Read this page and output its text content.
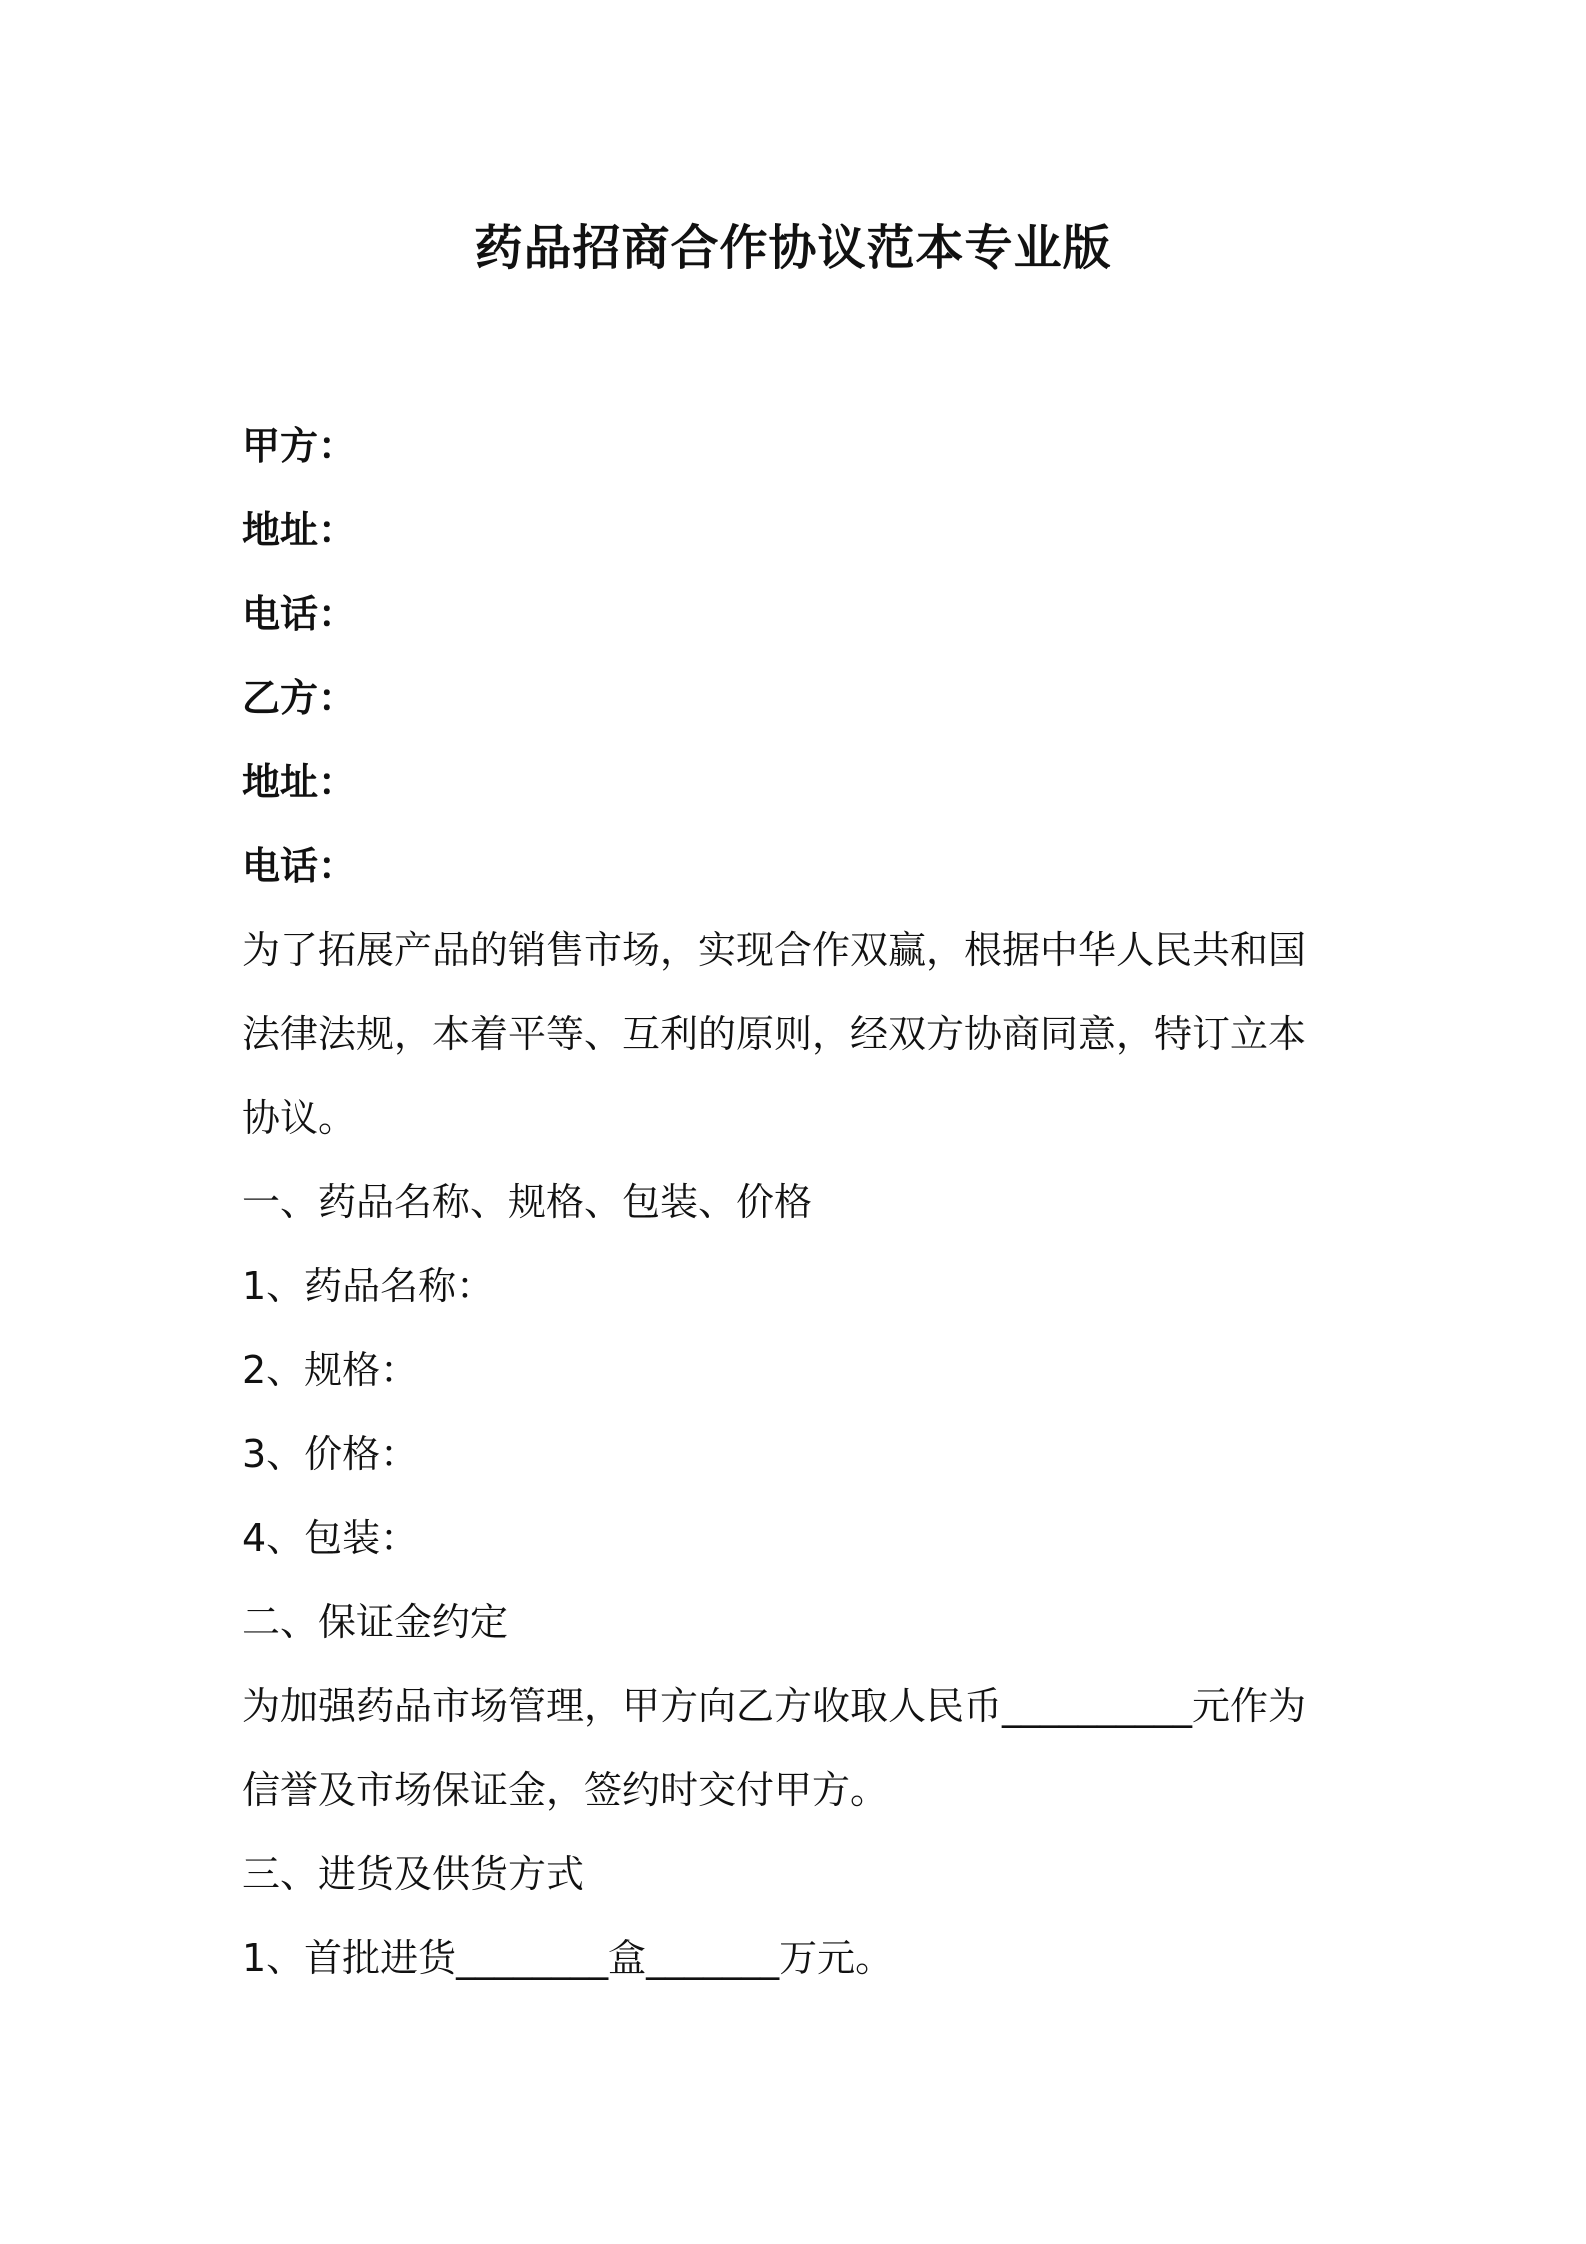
药品招商合作协议范本专业版
甲方：
地址：
电话：
乙方：
地址：
电话：
为了拓展产品的销售市场，实现合作双赢，根据中华人民共和国
法律法规，本着平等、互利的原则，经双方协商同意，特订立本
协议。
一、药品名称、规格、包装、价格
1、药品名称：
2、规格：
3、价格：
4、包装：
二、保证金约定
为加强药品市场管理，甲方向乙方收取人民币__________元作为
信誉及市场保证金，签约时交付甲方。
三、进货及供货方式
1、首批进货________盒_______万元。
